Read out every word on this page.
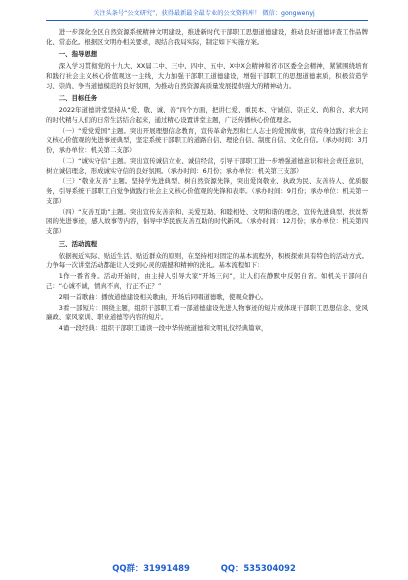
关注头条号“公文研究”，获得最新最全最专业的公文资料库！ 微信：gongwenyj

进一步深化全区自然资源系统精神文明建设，推进新时代干部职工思想道德建设，推动良好道德评查工作品牌化、常态化。根据区文明办相关要求，现结合我局实际，制定如下实施方案。

一、指导思想

深入学习贯彻党的十九大、XX届二中、三中、四中、五中、X中X会精神和省市区委全会精神，紧紧围绕培育和践行社会主义核心价值观这一主线，大力加强干部职工道德建设，增强干部职工的思想道德素质，积极营造学习、崇尚、争当道德模范的良好氛围，为推动自然资源高质量发展提供强大的精神动力。

二、目标任务

2022年道德讲堂坚持从“爱、敬、诚、善”四个方面，把讲仁爱、重民本、守诚信、崇正义、尚和合、求大同的时代精与人们的日常生活结合起来，通过精心设置讲堂主题，广泛传播核心价值理念。

（一）“爱党爱国”主题。突出开展理想信念教育，宣传革命先烈和仁人志士的爱国故事，宣传身边践行社会主义核心价值观的先进事迹典型，坚定系统干部职工的道路自信、理论自信、制度自信、文化自信。（承办时间：3月份，承办单位：机关第二支部）

（二）“诚实守信”主题。突出宣传诚信立业、诚信经营，引导干部职工进一步增强道德意识和社会责任意识，树立诚信理念，形成诚实守信的良好氛围。（承办时间：6月份；承办单位：机关第三支部）

（三）“敬业友善”主题。坚持学先进典型、树自然资源先锋，突出爱岗敬业、执政为民、友善待人、优质服务，引导系统干部职工自觉争做践行社会主义核心价值观的先锋和表率。（承办时间：9月份；承办单位：机关第一支部）

（四）“友善互助”主题。突出宣传友善亲和、关爱互助、和睦相处、文明和谐的理念，宣传先进典型、扶贫帮困的先进事迹，感人故事等内容，倡导中华民族友善互助的时代新风。（承办时间：12月份；承办单位：机关第四支部）

三、活动流程

依据视近实际、贴近生活、贴近群众的原则，在坚持相对固定的基本流程外，积极探索具有特色的活动方式。力争每一次讲堂活动都能让人受到心灵的震撼和精神的洗礼。基本流程如下：

1作一番省身。活动开始时，由主持人引导大家“开场三问”，让人们在静默中反躬自省。如机关干部问自己：“心诚不诚，情真不真，行正不正？”

2唱一首歌曲：播放道德建设相关歌曲，开场后同唱道德歌，使观众静心。

3看一部短片：围绕主题，组织干部职工看一部道德建设先进人物事迹的短片或体现干部职工思想信念、党风廉政、家风家训、职业道德等内容的短片。

4诵一段经典：组织干部职工诵读一段中华传统道德和文明礼仪经典篇章，

QQ群：31991489	QQ：535304092
